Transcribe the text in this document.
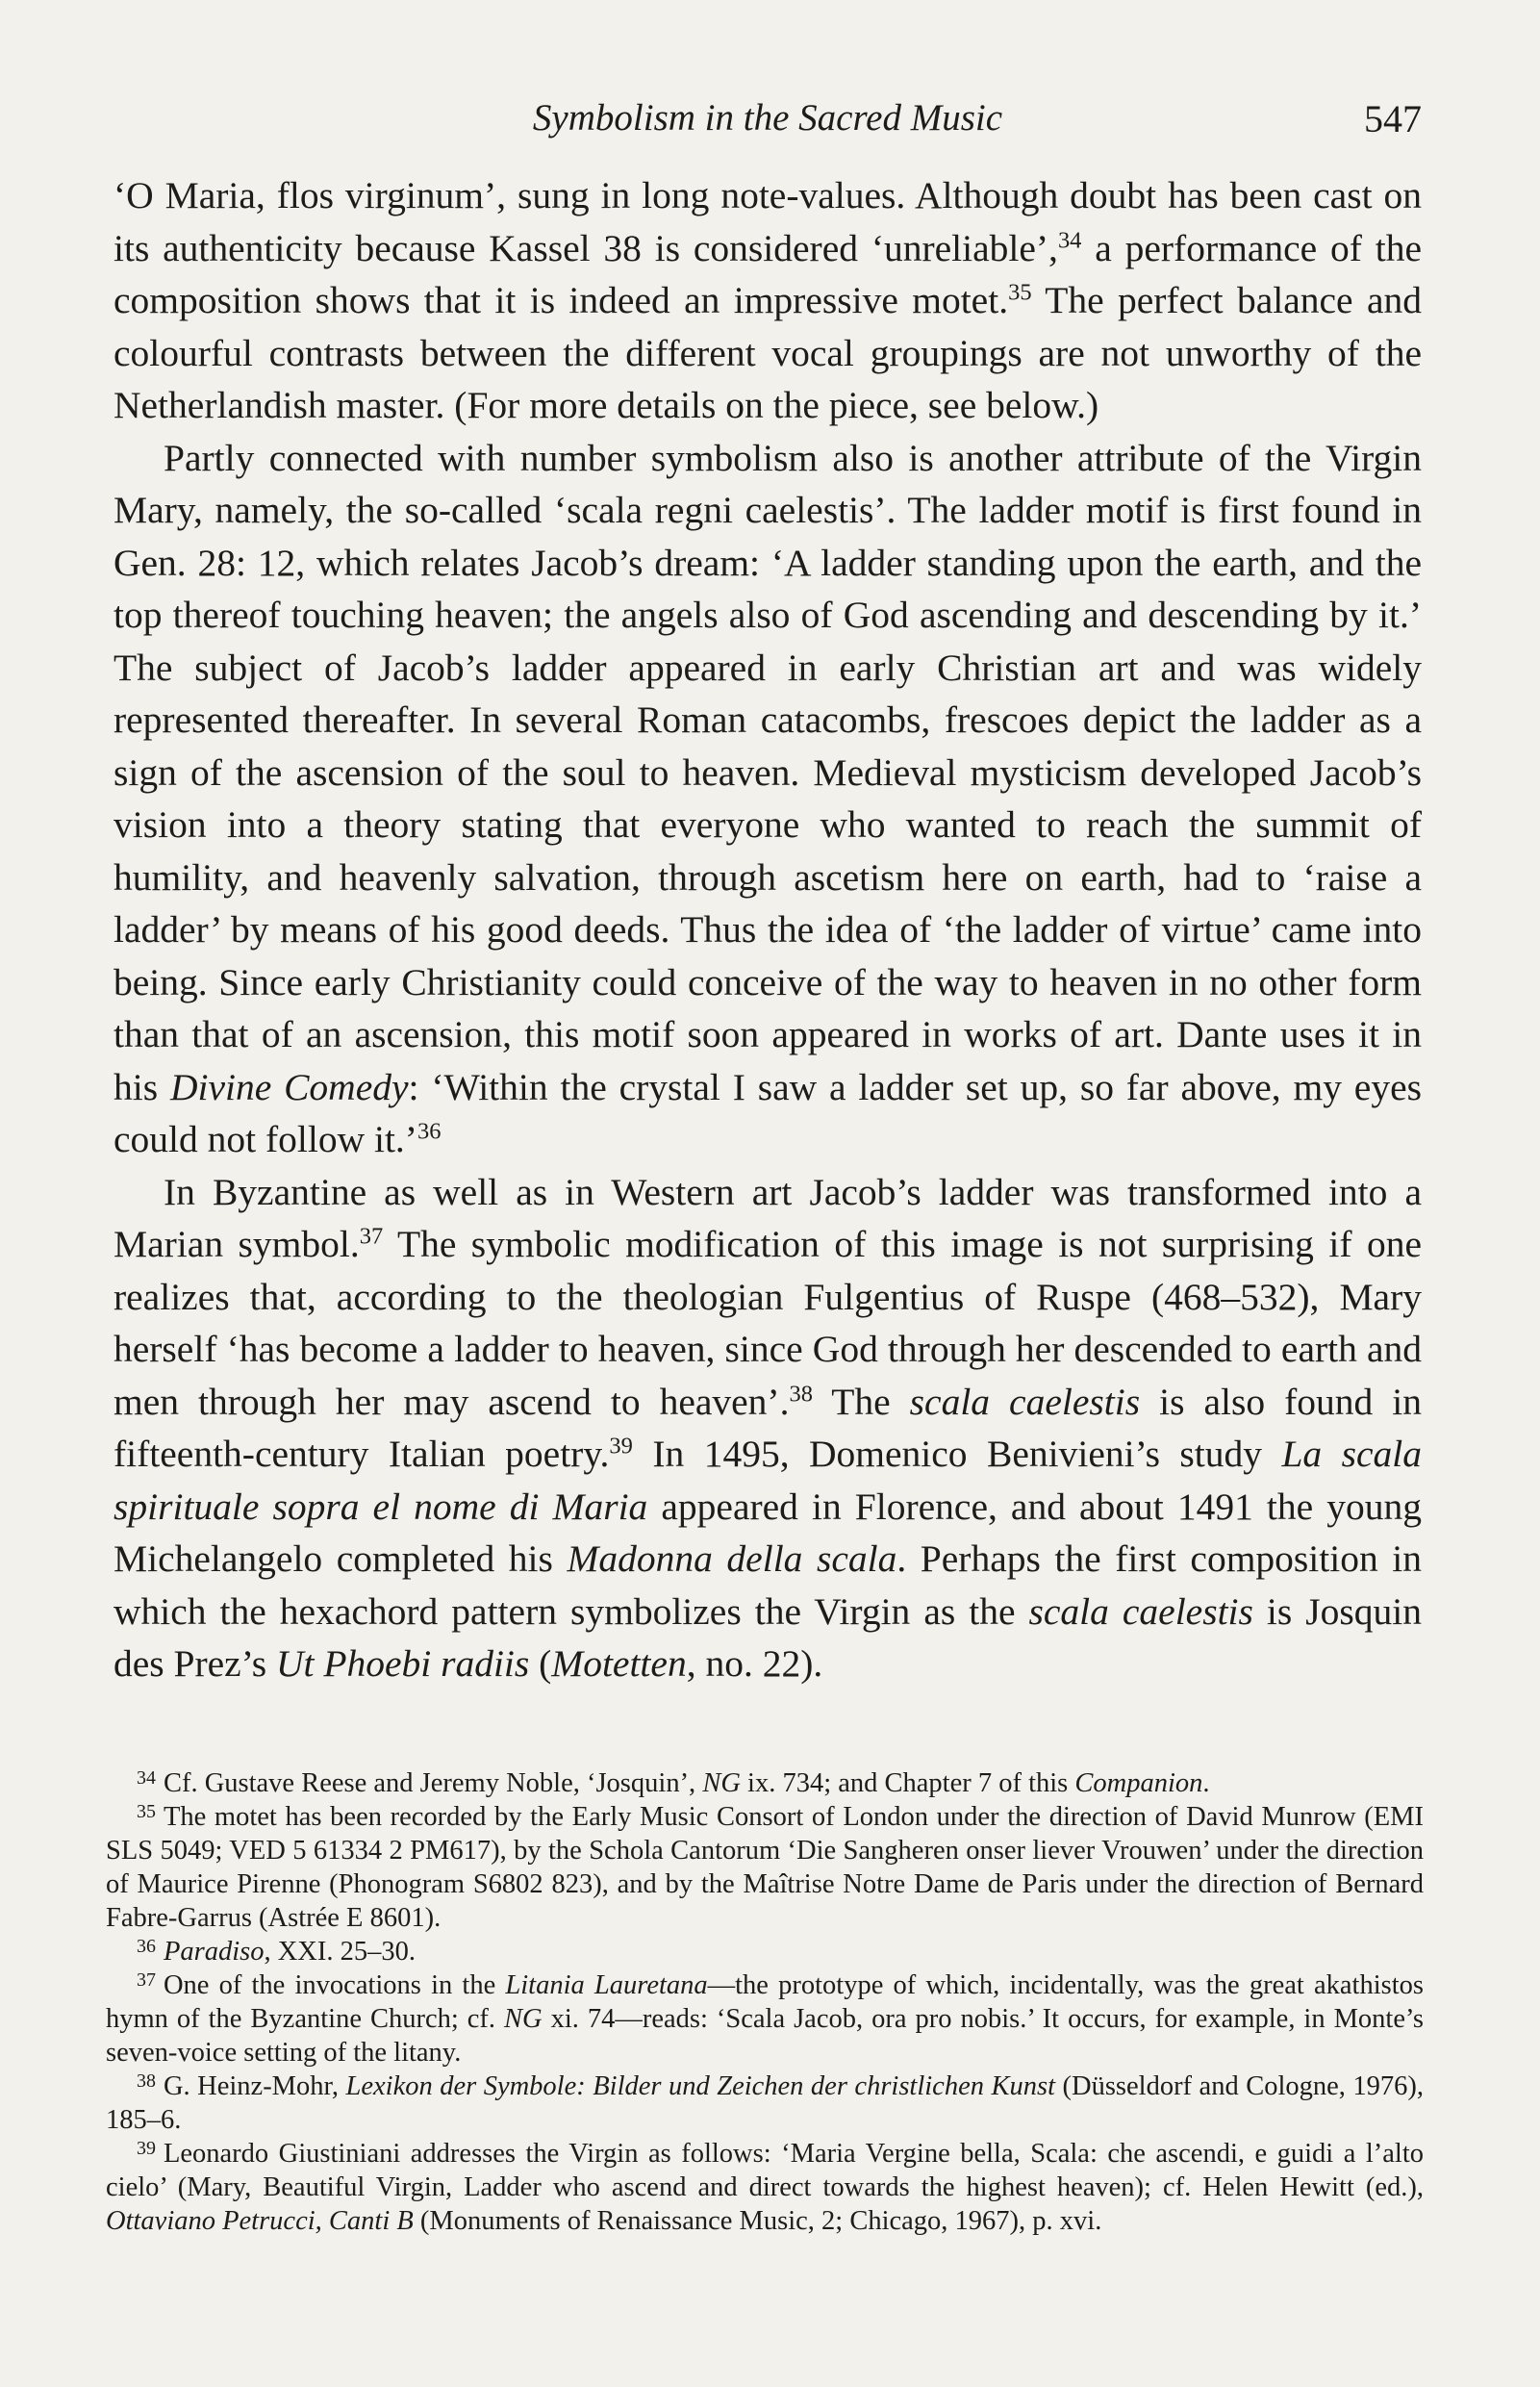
Symbolism in the Sacred Music	547

‘O Maria, flos virginum’, sung in long note-values. Although doubt has been cast on its authenticity because Kassel 38 is considered ‘unreliable’,$^{34}$ a performance of the composition shows that it is indeed an impressive motet.$^{35}$ The perfect balance and colourful contrasts between the different vocal groupings are not unworthy of the Netherlandish master. (For more details on the piece, see below.)

Partly connected with number symbolism also is another attribute of the Virgin Mary, namely, the so-called ‘scala regni caelestis’. The ladder motif is first found in Gen. 28: 12, which relates Jacob’s dream: ‘A ladder standing upon the earth, and the top thereof touching heaven; the angels also of God ascending and descending by it.’ The subject of Jacob’s ladder appeared in early Christian art and was widely represented thereafter. In several Roman catacombs, frescoes depict the ladder as a sign of the ascension of the soul to heaven. Medieval mysticism developed Jacob’s vision into a theory stating that everyone who wanted to reach the summit of humility, and heavenly salvation, through ascetism here on earth, had to ‘raise a ladder’ by means of his good deeds. Thus the idea of ‘the ladder of virtue’ came into being. Since early Christianity could conceive of the way to heaven in no other form than that of an ascension, this motif soon appeared in works of art. Dante uses it in his Divine Comedy: ‘Within the crystal I saw a ladder set up, so far above, my eyes could not follow it.’$^{36}$

In Byzantine as well as in Western art Jacob’s ladder was transformed into a Marian symbol.$^{37}$ The symbolic modification of this image is not surprising if one realizes that, according to the theologian Fulgentius of Ruspe (468–532), Mary herself ‘has become a ladder to heaven, since God through her descended to earth and men through her may ascend to heaven’.$^{38}$ The scala caelestis is also found in fifteenth-century Italian poetry.$^{39}$ In 1495, Domenico Benivieni’s study La scala spirituale sopra el nome di Maria appeared in Florence, and about 1491 the young Michelangelo completed his Madonna della scala. Perhaps the first composition in which the hexachord pattern symbolizes the Virgin as the scala caelestis is Josquin des Prez’s Ut Phoebi radiis (Motetten, no. 22).

$^{34}$ Cf. Gustave Reese and Jeremy Noble, ‘Josquin’, NG ix. 734; and Chapter 7 of this Companion.

$^{35}$ The motet has been recorded by the Early Music Consort of London under the direction of David Munrow (EMI SLS 5049; VED 5 61334 2 PM617), by the Schola Cantorum ‘Die Sangheren onser liever Vrouwen’ under the direction of Maurice Pirenne (Phonogram S6802 823), and by the Maîtrise Notre Dame de Paris under the direction of Bernard Fabre-Garrus (Astrée E 8601).

$^{36}$ Paradiso, XXI. 25–30.

$^{37}$ One of the invocations in the Litania Lauretana—the prototype of which, incidentally, was the great akathistos hymn of the Byzantine Church; cf. NG xi. 74—reads: ‘Scala Jacob, ora pro nobis.’ It occurs, for example, in Monte’s seven-voice setting of the litany.

$^{38}$ G. Heinz-Mohr, Lexikon der Symbole: Bilder und Zeichen der christlichen Kunst (Düsseldorf and Cologne, 1976), 185–6.

$^{39}$ Leonardo Giustiniani addresses the Virgin as follows: ‘Maria Vergine bella, Scala: che ascendi, e guidi a l’alto cielo’ (Mary, Beautiful Virgin, Ladder who ascend and direct towards the highest heaven); cf. Helen Hewitt (ed.), Ottaviano Petrucci, Canti B (Monuments of Renaissance Music, 2; Chicago, 1967), p. xvi.
